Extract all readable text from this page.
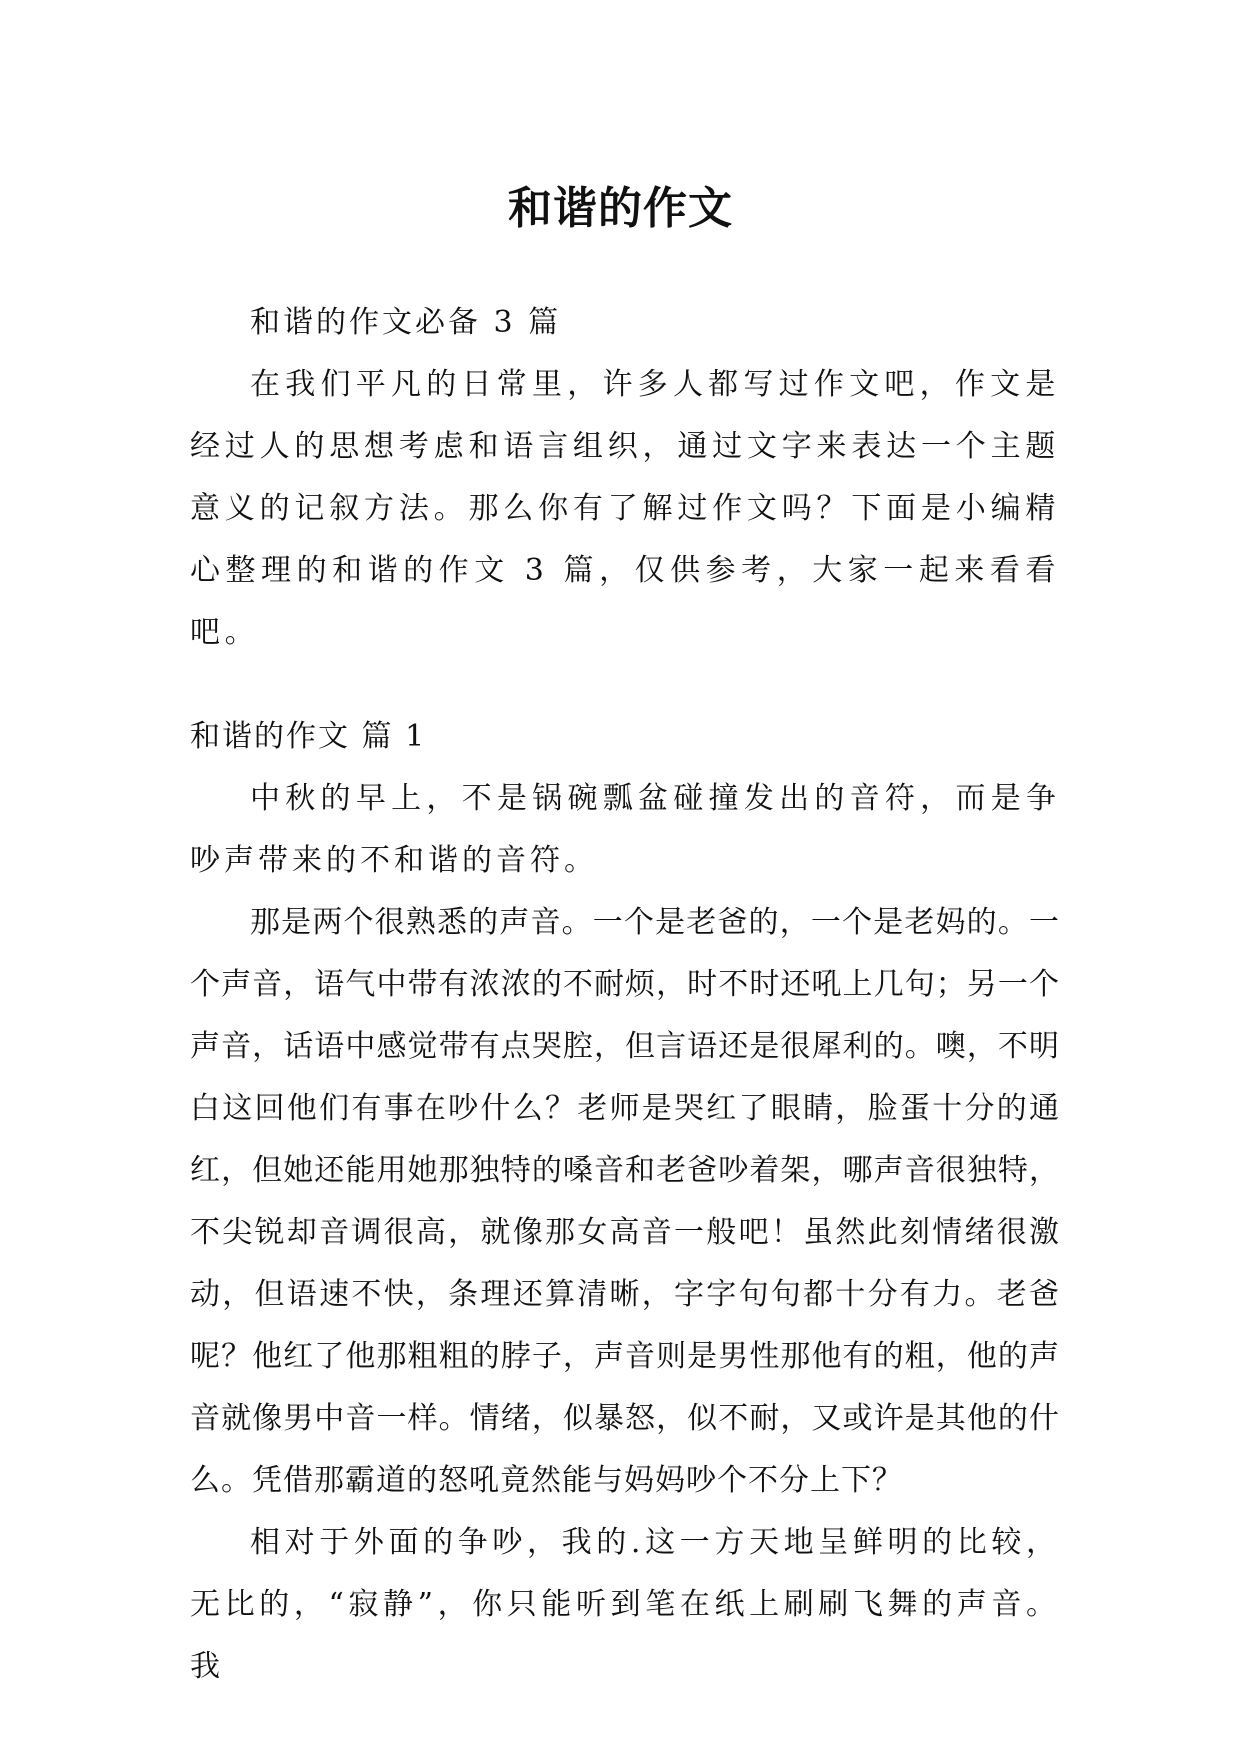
和谐的作文

和谐的作文必备 3 篇

在我们平凡的日常里，许多人都写过作文吧，作文是经过人的思想考虑和语言组织，通过文字来表达一个主题意义的记叙方法。那么你有了解过作文吗？下面是小编精心整理的和谐的作文 3 篇，仅供参考，大家一起来看看吧。

和谐的作文 篇 1

中秋的早上，不是锅碗瓢盆碰撞发出的音符，而是争吵声带来的不和谐的音符。

那是两个很熟悉的声音。一个是老爸的，一个是老妈的。一个声音，语气中带有浓浓的不耐烦，时不时还吼上几句；另一个声音，话语中感觉带有点哭腔，但言语还是很犀利的。噢，不明白这回他们有事在吵什么？老师是哭红了眼睛，脸蛋十分的通红，但她还能用她那独特的嗓音和老爸吵着架，哪声音很独特，不尖锐却音调很高，就像那女高音一般吧！虽然此刻情绪很激动，但语速不快，条理还算清晰，字字句句都十分有力。老爸呢？他红了他那粗粗的脖子，声音则是男性那他有的粗，他的声音就像男中音一样。情绪，似暴怒，似不耐，又或许是其他的什么。凭借那霸道的怒吼竟然能与妈妈吵个不分上下？

相对于外面的争吵，我的.这一方天地呈鲜明的比较，无比的，“寂静”，你只能听到笔在纸上刷刷飞舞的声音。我
